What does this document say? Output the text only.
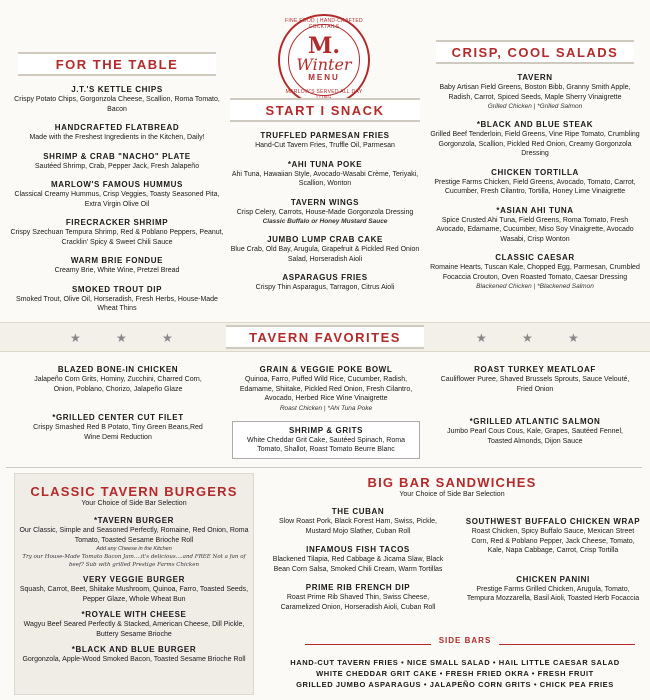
FINE FOOD | HAND-CRAFTED COCKTAILS
M.
Winter
MENU
MARLOW'S SERVED ALL DAY
FOR THE TABLE
J.T.'S KETTLE CHIPS
Crispy Potato Chips, Gorgonzola Cheese, Scallion, Roma Tomato, Bacon
HANDCRAFTED FLATBREAD
Made with the Freshest Ingredients in the Kitchen, Daily!
SHRIMP & CRAB "NACHO" PLATE
Sautéed Shrimp, Crab, Pepper Jack, Fresh Jalapeño
MARLOW'S FAMOUS HUMMUS
Classical Creamy Hummus, Crisp Veggies, Toasty Seasoned Pita, Extra Virgin Olive Oil
FIRECRACKER SHRIMP
Crispy Szechuan Tempura Shrimp, Red & Poblano Peppers, Peanut, Cracklin' Spicy & Sweet Chili Sauce
WARM BRIE FONDUE
Creamy Brie, White Wine, Pretzel Bread
SMOKED TROUT DIP
Smoked Trout, Olive Oil, Horseradish, Fresh Herbs, House-Made Wheat Thins
START I SNACK
TRUFFLED PARMESAN FRIES
Hand-Cut Tavern Fries, Truffle Oil, Parmesan
*AHI TUNA POKE
Ahi Tuna, Hawaiian Style, Avocado-Wasabi Crème, Teriyaki, Scallion, Wonton
TAVERN WINGS
Crisp Celery, Carrots, House-Made Gorgonzola Dressing
Classic Buffalo or Honey Mustard Sauce
JUMBO LUMP CRAB CAKE
Blue Crab, Old Bay, Arugula, Grapefruit & Pickled Red Onion Salad, Horseradish Aioli
ASPARAGUS FRIES
Crispy Thin Asparagus, Tarragon, Citrus Aioli
CRISP, COOL SALADS
TAVERN
Baby Artisan Field Greens, Boston Bibb, Granny Smith Apple, Radish, Carrot, Spiced Seeds, Maple Sherry Vinaigrette
Grilled Chicken | *Grilled Salmon
*BLACK AND BLUE STEAK
Grilled Beef Tenderloin, Field Greens, Vine Ripe Tomato, Crumbling Gorgonzola, Scallion, Pickled Red Onion, Creamy Gorgonzola Dressing
CHICKEN TORTILLA
Prestige Farms Chicken, Field Greens, Avocado, Tomato, Carrot, Cucumber, Fresh Cilantro, Tortilla, Honey Lime Vinaigrette
*ASIAN AHI TUNA
Spice Crusted Ahi Tuna, Field Greens, Roma Tomato, Fresh Avocado, Edamame, Cucumber, Miso Soy Vinaigrette, Avocado Wasabi, Crisp Wonton
CLASSIC CAESAR
Romaine Hearts, Tuscan Kale, Chopped Egg, Parmesan, Crumbled Focaccia Crouton, Oven Roasted Tomato, Caesar Dressing
Blackened Chicken | *Blackened Salmon
★	★	★	★	★	★
TAVERN FAVORITES
BLAZED BONE-IN CHICKEN
Jalapeño Corn Grits, Hominy, Zucchini, Charred Corn, Onion, Poblano, Chorizo, Jalapeño Glaze
*GRILLED CENTER CUT FILET
Crispy Smashed Red B Potato, Tiny Green Beans,Red Wine Demi Reduction
GRAIN & VEGGIE POKE BOWL
Quinoa, Farro, Puffed Wild Rice, Cucumber, Radish, Edamame, Shiitake, Pickled Red Onion, Fresh Cilantro, Avocado, Herbed Rice Wine Vinaigrette
Roast Chicken | *Ahi Tuna Poke
SHRIMP & GRITS
White Cheddar Grit Cake, Sautéed Spinach, Roma Tomato, Shallot, Roast Tomato Beurre Blanc
ROAST TURKEY MEATLOAF
Cauliflower Puree, Shaved Brussels Sprouts, Sauce Velouté, Fried Onion
*GRILLED ATLANTIC SALMON
Jumbo Pearl Cous Cous, Kale, Grapes, Sautéed Fennel, Toasted Almonds, Dijon Sauce
CLASSIC TAVERN BURGERS
Your Choice of Side Bar Selection
*TAVERN BURGER
Our Classic, Simple and Seasoned Perfectly, Romaine, Red Onion, Roma Tomato, Toasted Sesame Brioche Roll
Add any Cheese in the Kitchen
Try our House-Made Tomato Bacon Jam....it's delicious....and FREE Not a fan of beef? Sub with grilled Prestige Farms Chicken
VERY VEGGIE BURGER
Squash, Carrot, Beet, Shiitake Mushroom, Quinoa, Farro, Toasted Seeds, Pepper Glaze, Whole Wheat Bun
*ROYALE WITH CHEESE
Wagyu Beef Seared Perfectly & Stacked, American Cheese, Dill Pickle, Buttery Sesame Brioche
*BLACK AND BLUE BURGER
Gorgonzola, Apple-Wood Smoked Bacon, Toasted Sesame Brioche Roll
BIG BAR SANDWICHES
Your Choice of Side Bar Selection
THE CUBAN
Slow Roast Pork, Black Forest Ham, Swiss, Pickle, Mustard Mojo Slather, Cuban Roll
INFAMOUS FISH TACOS
Blackened Tilapia, Red Cabbage & Jicama Slaw, Black Bean Corn Salsa, Smoked Chili Cream, Warm Tortillas
PRIME RIB FRENCH DIP
Roast Prime Rib Shaved Thin, Swiss Cheese, Caramelized Onion, Horseradish Aioli, Cuban Roll
SOUTHWEST BUFFALO CHICKEN WRAP
Roast Chicken, Spicy Buffalo Sauce, Mexican Street Corn, Red & Poblano Pepper, Jack Cheese, Tomato, Kale, Napa Cabbage, Carrot, Crisp Tortilla
CHICKEN PANINI
Prestige Farms Grilled Chicken, Arugula, Tomato, Tempura Mozzarella, Basil Aioli, Toasted Herb Focaccia
SIDE BARS
HAND-CUT TAVERN FRIES • NICE SMALL SALAD • HAIL LITTLE CAESAR SALAD
WHITE CHEDDAR GRIT CAKE • FRESH FRIED OKRA • FRESH FRUIT
GRILLED JUMBO ASPARAGUS • JALAPEÑO CORN GRITS • CHICK PEA FRIES
